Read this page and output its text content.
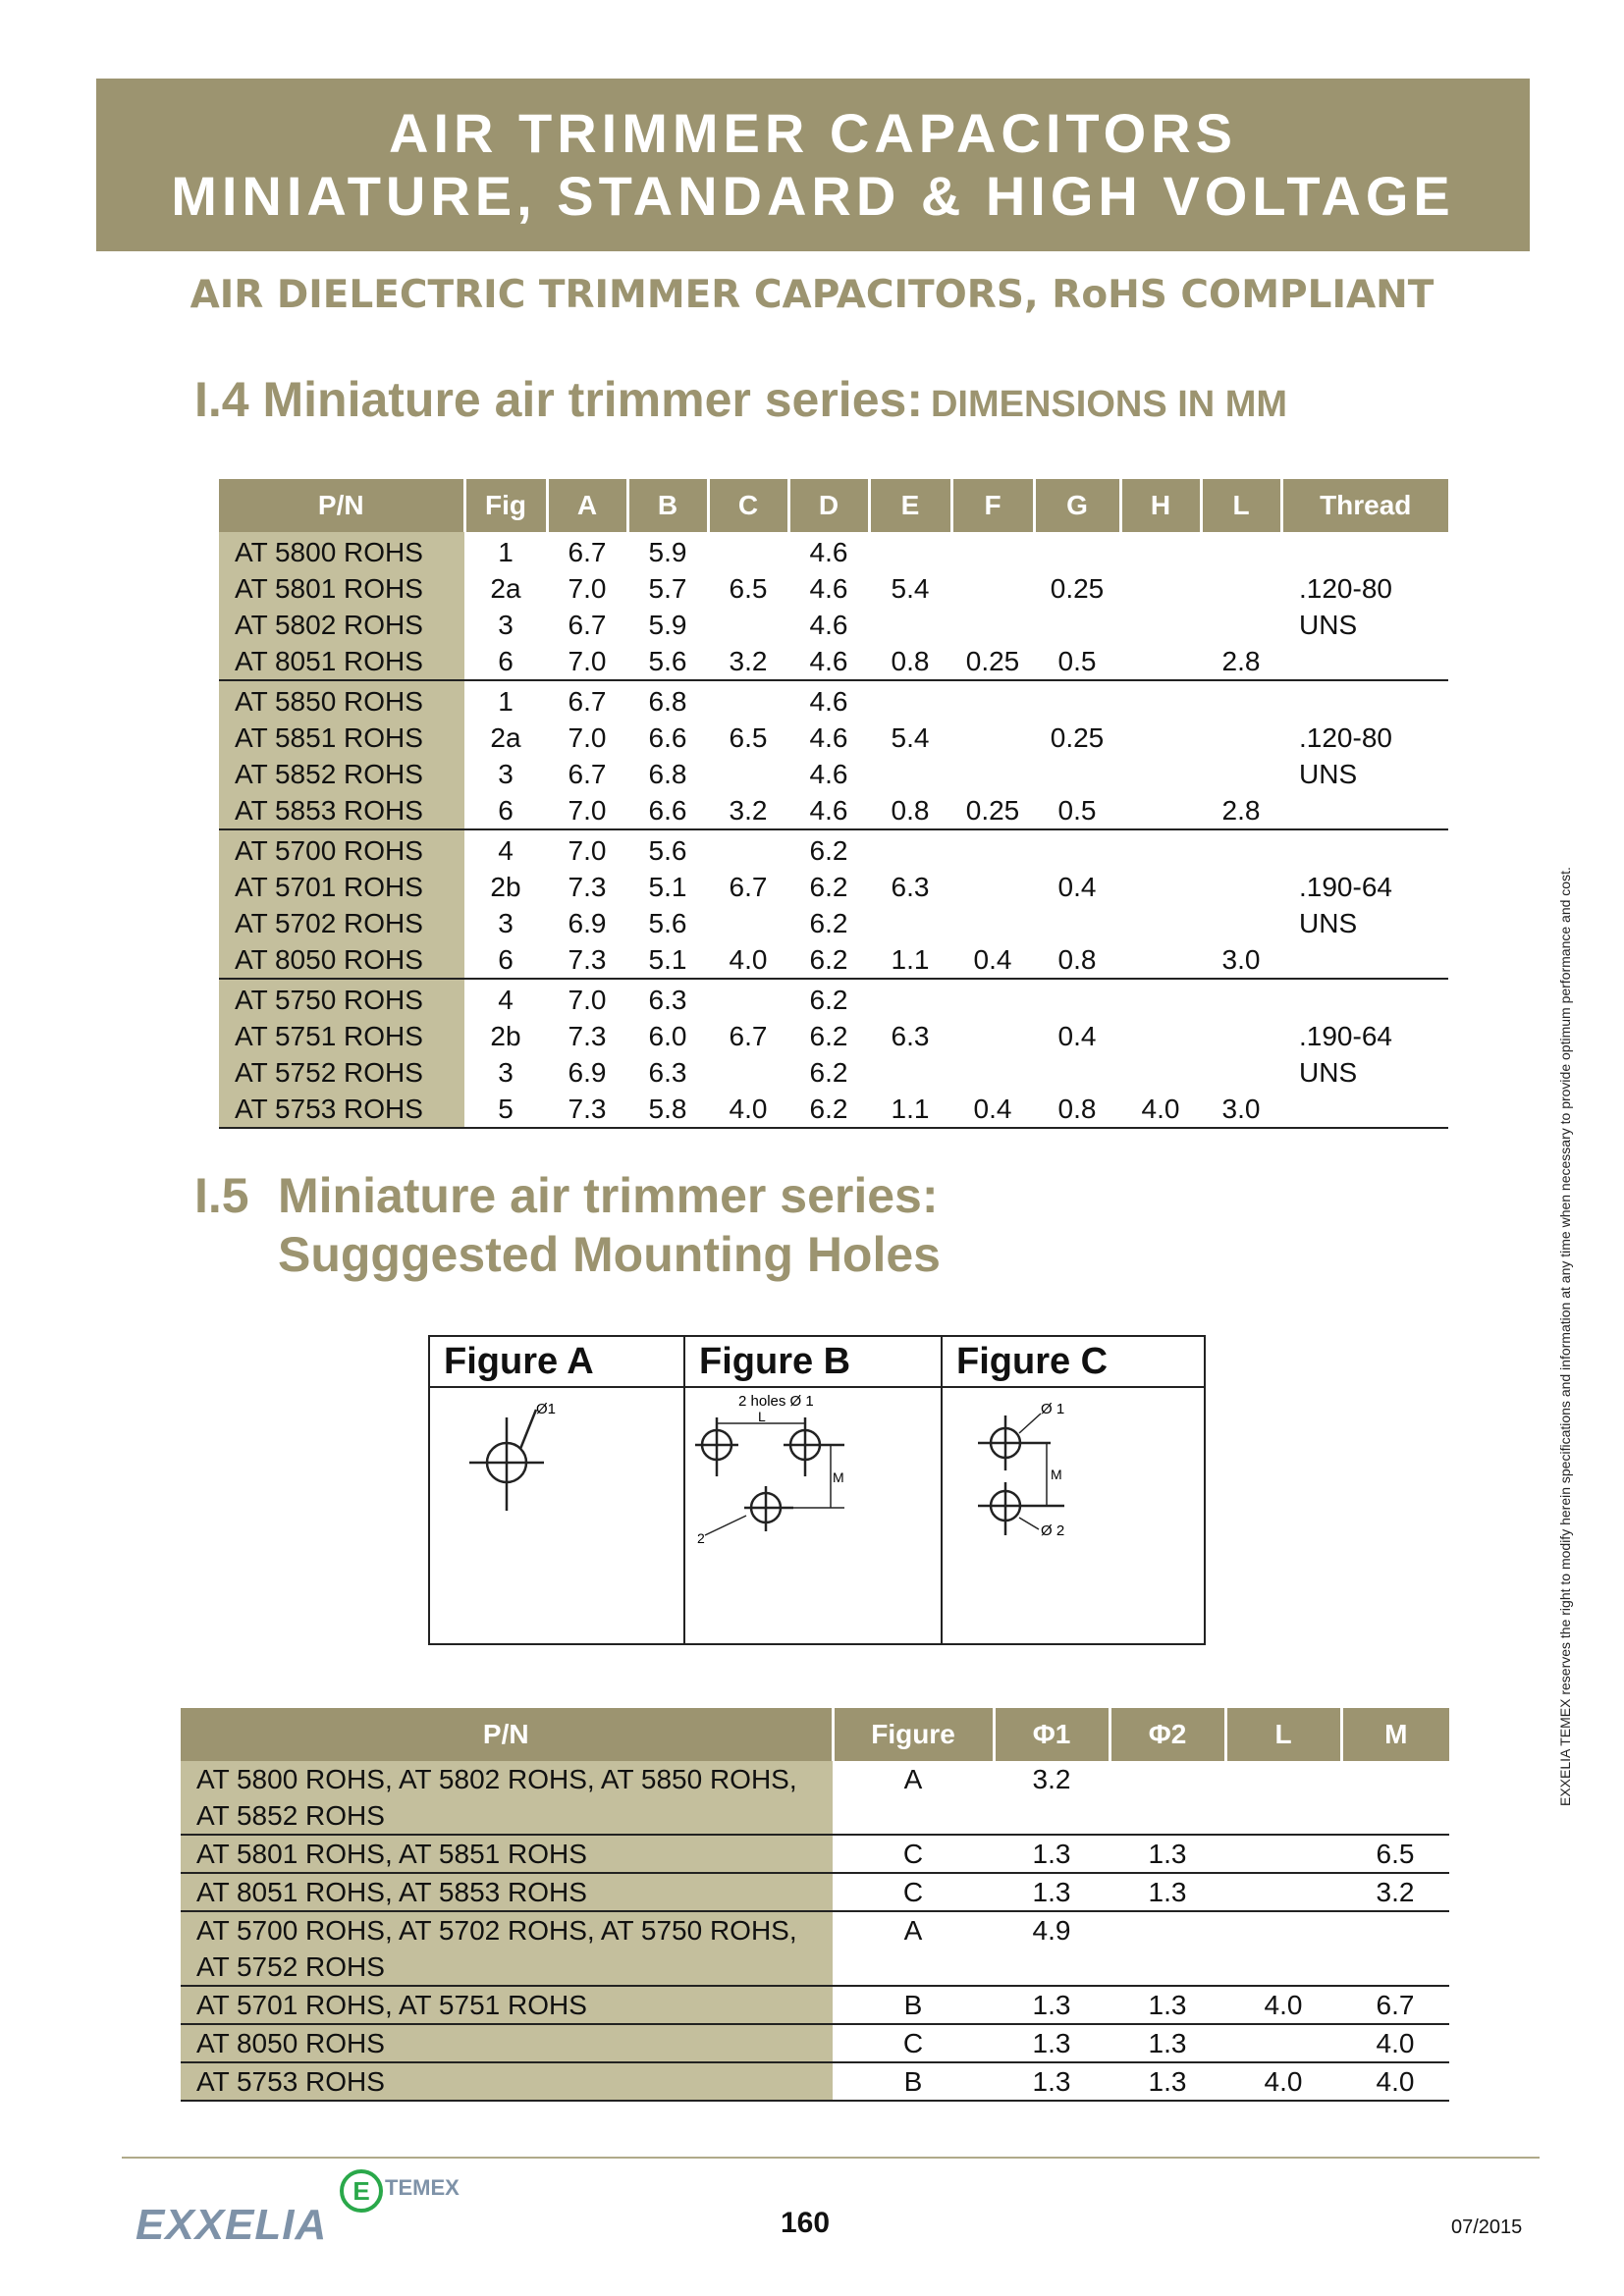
AIR TRIMMER CAPACITORS
MINIATURE, STANDARD & HIGH VOLTAGE
AIR DIELECTRIC TRIMMER CAPACITORS, RoHS COMPLIANT
I.4 Miniature air trimmer series: DIMENSIONS IN MM
P/N	Fig	A	B	C	D	E	F	G	H	L	Thread
AT 5800 ROHS	1	6.7	5.9		4.6						
AT 5801 ROHS	2a	7.0	5.7	6.5	4.6	5.4		0.25			.120-80
AT 5802 ROHS	3	6.7	5.9		4.6						UNS
AT 8051 ROHS	6	7.0	5.6	3.2	4.6	0.8	0.25	0.5		2.8	
AT 5850 ROHS	1	6.7	6.8		4.6						
AT 5851 ROHS	2a	7.0	6.6	6.5	4.6	5.4		0.25			.120-80
AT 5852 ROHS	3	6.7	6.8		4.6						UNS
AT 5853 ROHS	6	7.0	6.6	3.2	4.6	0.8	0.25	0.5		2.8	
AT 5700 ROHS	4	7.0	5.6		6.2						
AT 5701 ROHS	2b	7.3	5.1	6.7	6.2	6.3		0.4			.190-64
AT 5702 ROHS	3	6.9	5.6		6.2						UNS
AT 8050 ROHS	6	7.3	5.1	4.0	6.2	1.1	0.4	0.8		3.0	
AT 5750 ROHS	4	7.0	6.3		6.2						
AT 5751 ROHS	2b	7.3	6.0	6.7	6.2	6.3		0.4			.190-64
AT 5752 ROHS	3	6.9	6.3		6.2						UNS
AT 5753 ROHS	5	7.3	5.8	4.0	6.2	1.1	0.4	0.8	4.0	3.0	
I.5 Miniature air trimmer series:
Sugggested Mounting Holes
Figure A	Figure B	Figure C
Ø1	2 holes Ø 1
L
M
2
Ø 1
M
Ø 2
P/N	Figure	Φ1	Φ2	L	M
AT 5800 ROHS, AT 5802 ROHS, AT 5850 ROHS, AT 5852 ROHS	A	3.2			
AT 5801 ROHS, AT 5851 ROHS	C	1.3	1.3		6.5
AT 8051 ROHS, AT 5853 ROHS	C	1.3	1.3		3.2
AT 5700 ROHS, AT 5702 ROHS, AT 5750 ROHS, AT 5752 ROHS	A	4.9			
AT 5701 ROHS, AT 5751 ROHS	B	1.3	1.3	4.0	6.7
AT 8050 ROHS	C	1.3	1.3		4.0
AT 5753 ROHS	B	1.3	1.3	4.0	4.0
EXXELIA TEMEX reserves the right to modify herein specifications and information at any time when necessary to provide optimum performance and cost.
E TEMEX
EXXELIA	160	07/2015
